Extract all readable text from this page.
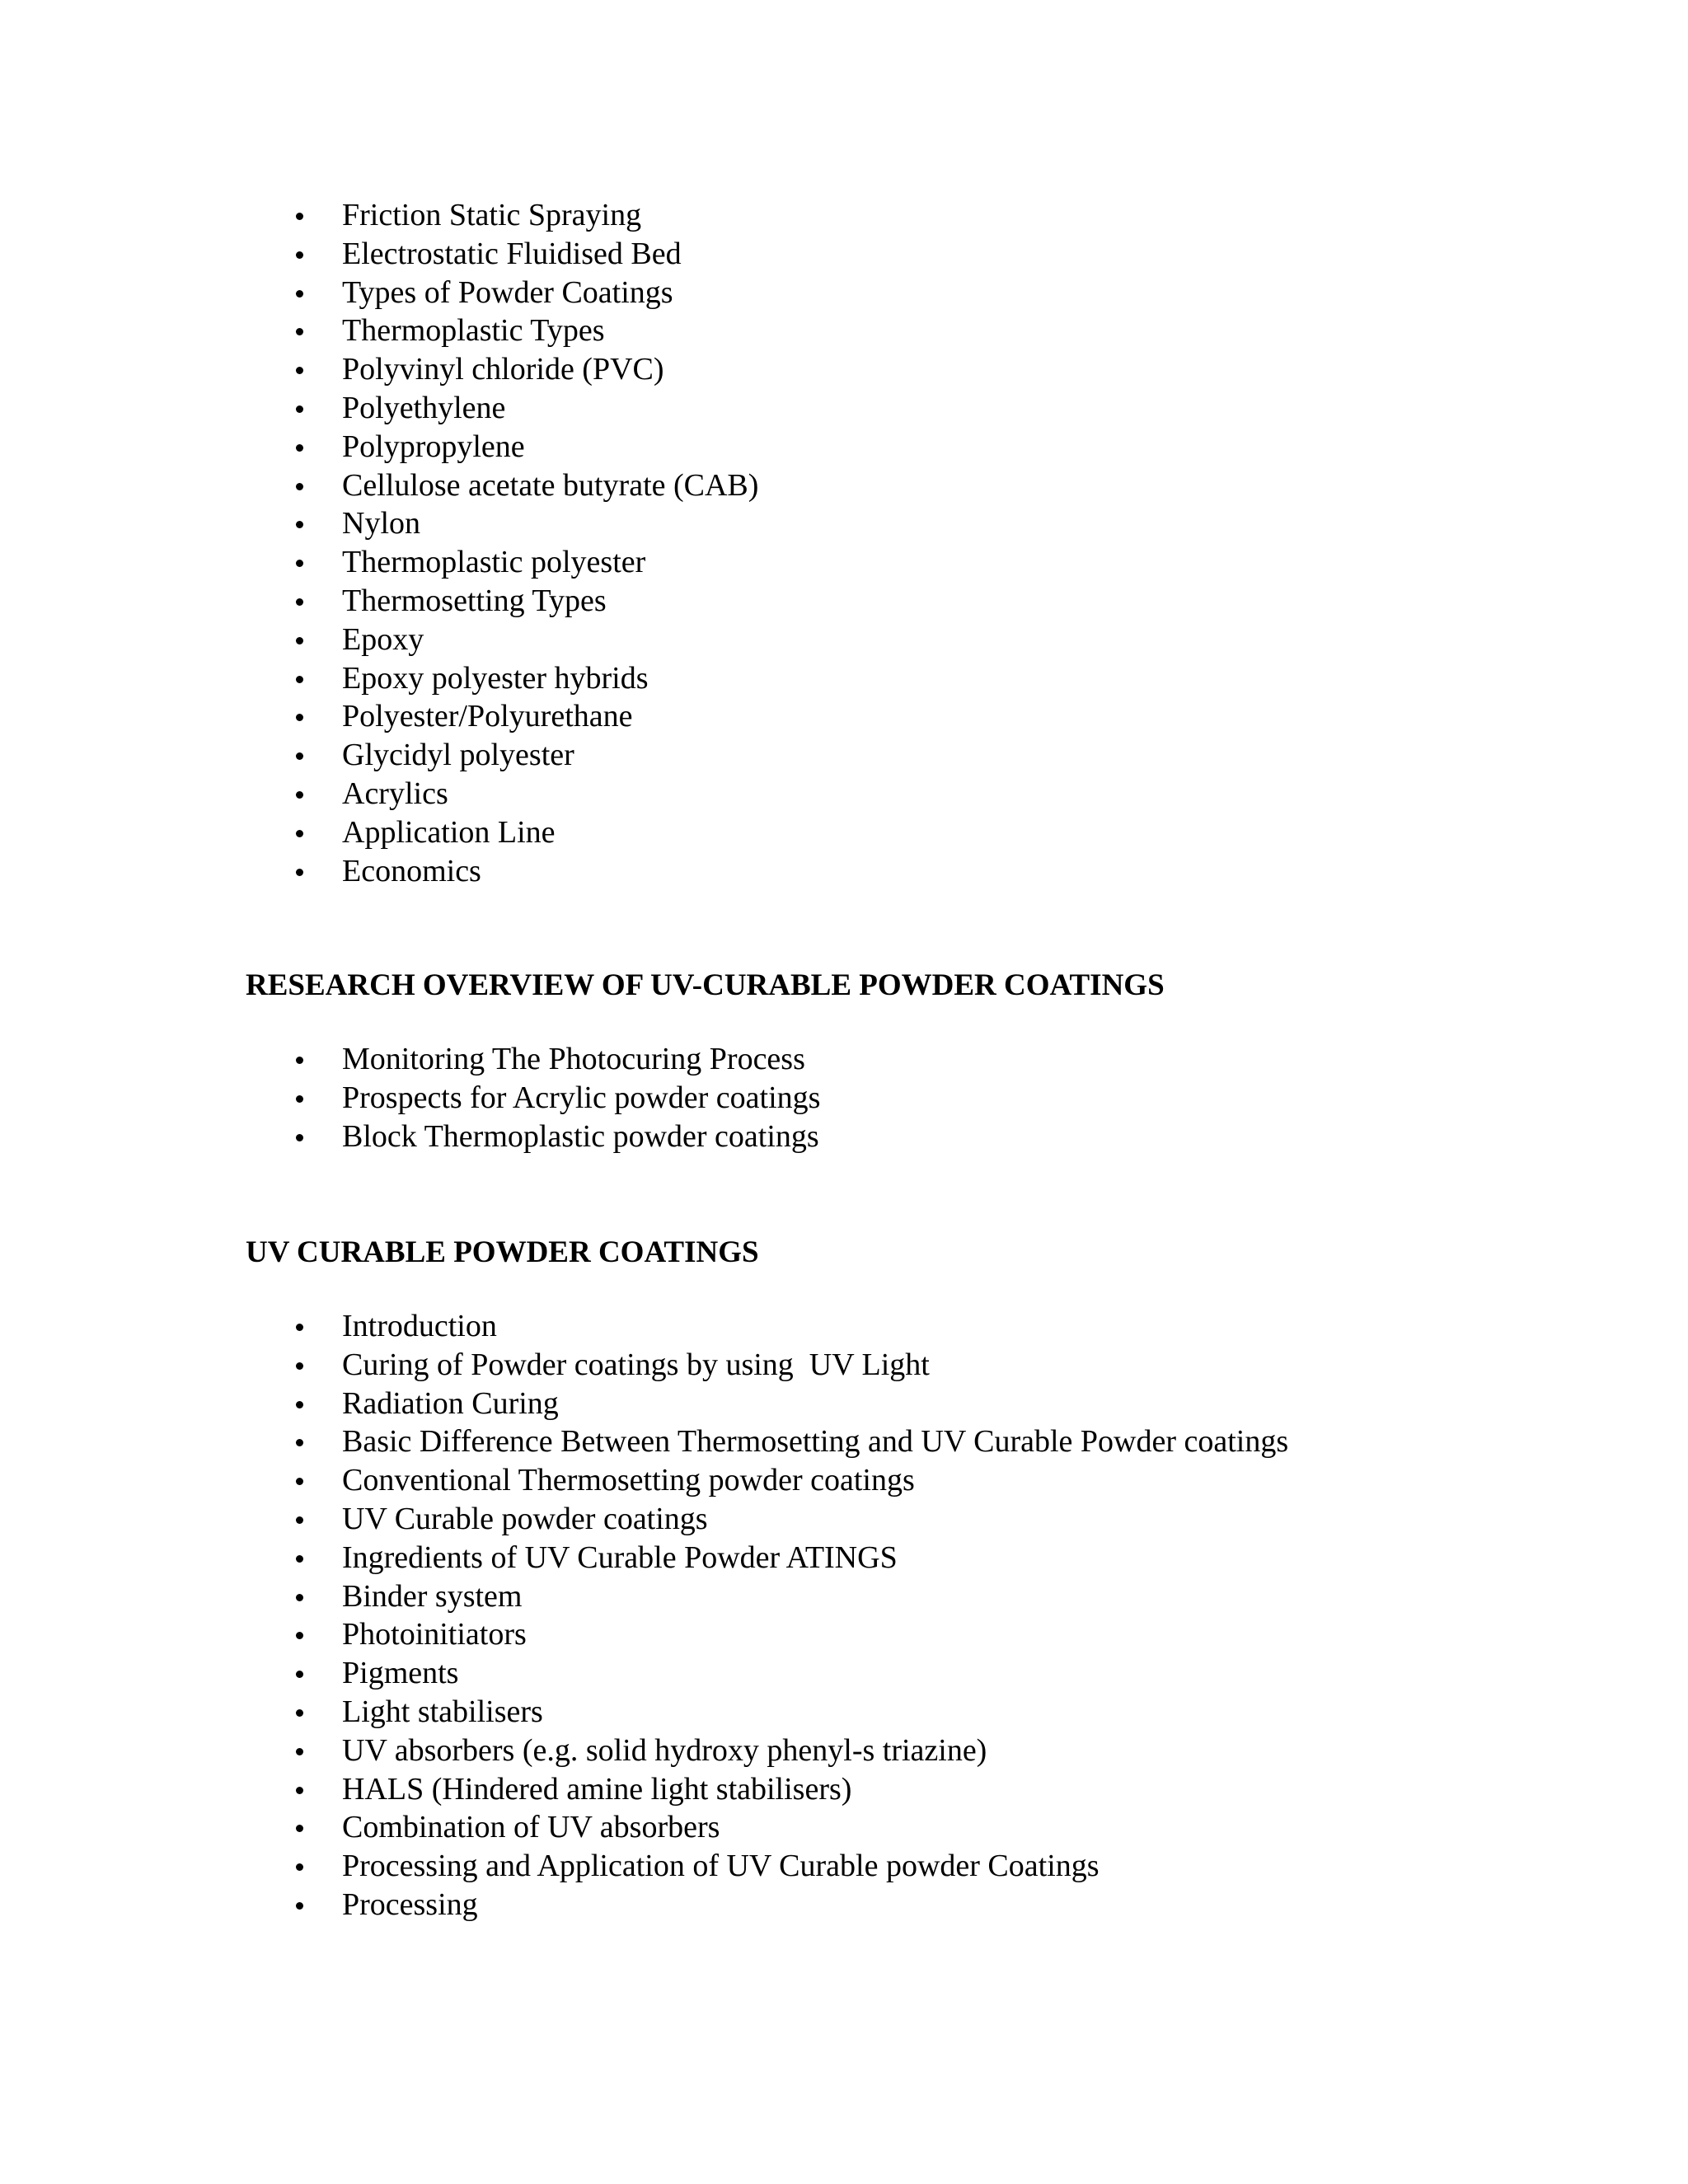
Friction Static Spraying
Electrostatic Fluidised Bed
Types of Powder Coatings
Thermoplastic Types
Polyvinyl chloride (PVC)
Polyethylene
Polypropylene
Cellulose acetate butyrate (CAB)
Nylon
Thermoplastic polyester
Thermosetting Types
Epoxy
Epoxy polyester hybrids
Polyester/Polyurethane
Glycidyl polyester
Acrylics
Application Line
Economics
RESEARCH OVERVIEW OF UV-CURABLE POWDER COATINGS
Monitoring The Photocuring Process
Prospects for Acrylic powder coatings
Block Thermoplastic powder coatings
UV CURABLE POWDER COATINGS
Introduction
Curing of Powder coatings by using  UV Light
Radiation Curing
Basic Difference Between Thermosetting and UV Curable Powder coatings
Conventional Thermosetting powder coatings
UV Curable powder coatings
Ingredients of UV Curable Powder ATINGS
Binder system
Photoinitiators
Pigments
Light stabilisers
UV absorbers (e.g. solid hydroxy phenyl-s triazine)
HALS (Hindered amine light stabilisers)
Combination of UV absorbers
Processing and Application of UV Curable powder Coatings
Processing
